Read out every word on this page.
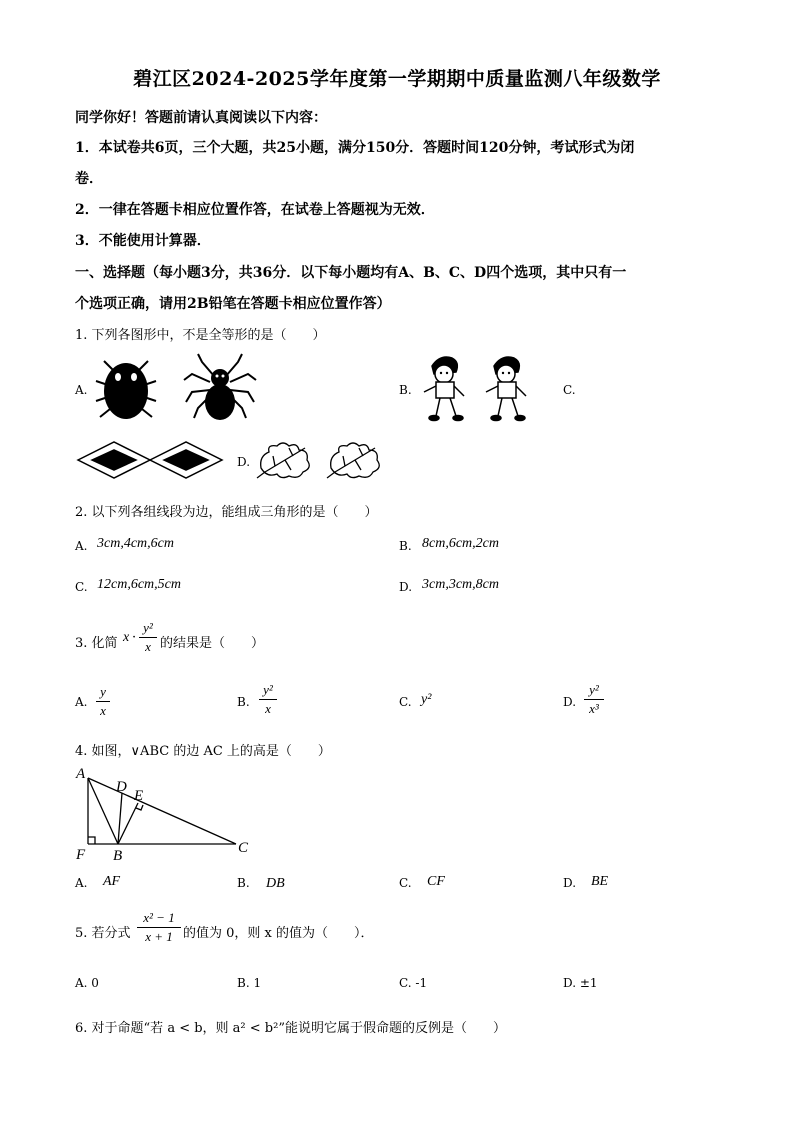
碧江区2024-2025学年度第一学期期中质量监测八年级数学
同学你好！答题前请认真阅读以下内容：
1．本试卷共6页，三个大题，共25小题，满分150分．答题时间120分钟，考试形式为闭
卷．
2．一律在答题卡相应位置作答，在试卷上答题视为无效．
3．不能使用计算器．
一、选择题（每小题3分，共36分．以下每小题均有A、B、C、D四个选项，其中只有一
个选项正确，请用2B铅笔在答题卡相应位置作答）
1. 下列各图形中，不是全等形的是（　　）
A.	B.	C.
D.
2. 以下列各组线段为边，能组成三角形的是（　　）
A. 3cm,4cm,6cm	B. 8cm,6cm,2cm
C. 12cm,6cm,5cm	D. 3cm,3cm,8cm
3. 化简 x ·
y²
x 的结果是（　　）
A.
y
x
B.
y²
x	C. y²	D.
y²
x³
4. 如图，∨ABC 的边 AC 上的高是（　　）
A
D
E
F B	C
A. AF	B. DB	C. CF	D. BE
5. 若分式
x² − 1
x + 1 的值为 0，则 x 的值为（　　）．
A. 0	B. 1	C. -1	D. ±1
6. 对于命题“若 a < b，则 a² < b²”能说明它属于假命题的反例是（　　）
